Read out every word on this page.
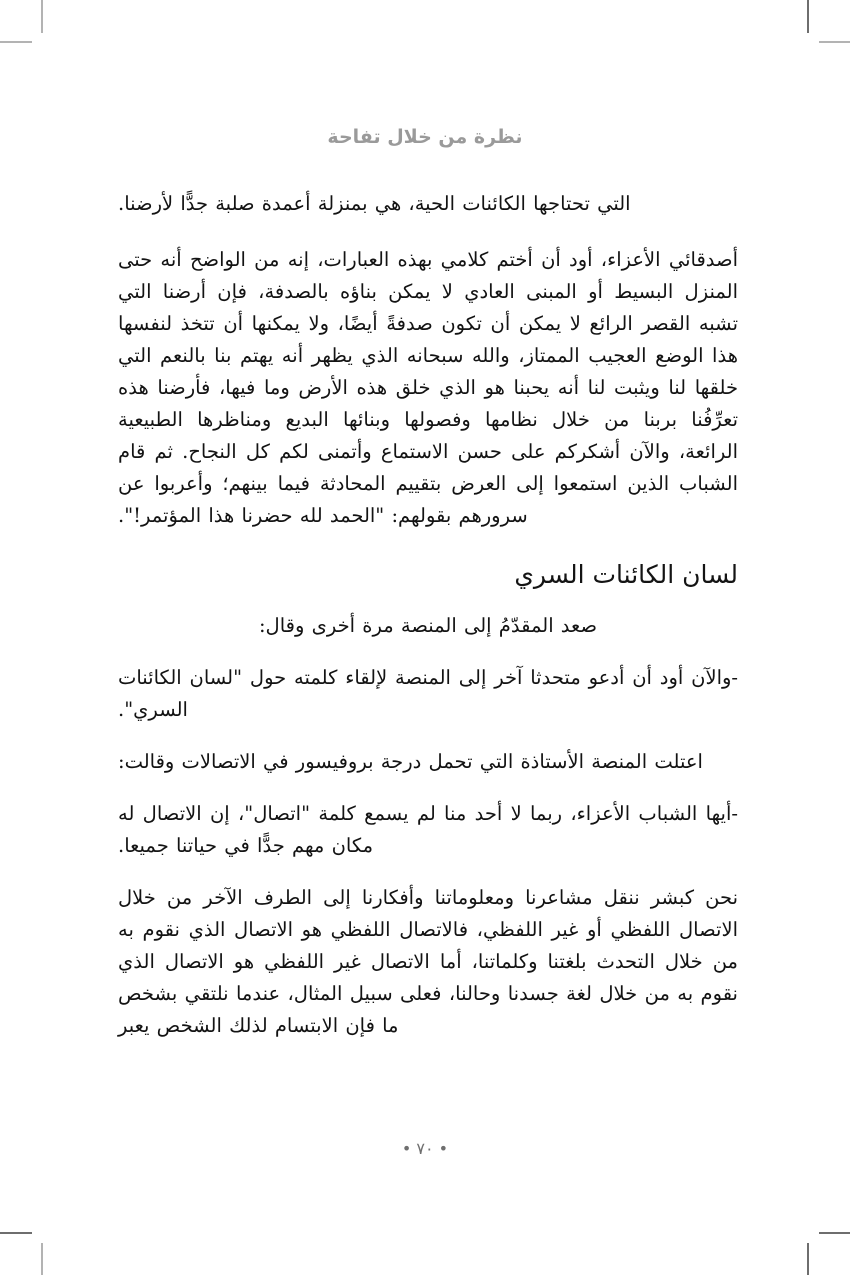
نظرة من خلال تفاحة

التي تحتاجها الكائنات الحية، هي بمنزلة أعمدة صلبة جدًّا لأرضنا.

أصدقائي الأعزاء، أود أن أختم كلامي بهذه العبارات، إنه من الواضح أنه حتى المنزل البسيط أو المبنى العادي لا يمكن بناؤه بالصدفة، فإن أرضنا التي تشبه القصر الرائع لا يمكن أن تكون صدفةً أيضًا، ولا يمكنها أن تتخذ لنفسها هذا الوضع العجيب الممتاز، والله سبحانه الذي يظهر أنه يهتم بنا بالنعم التي خلقها لنا ويثبت لنا أنه يحبنا هو الذي خلق هذه الأرض وما فيها، فأرضنا هذه تعرِّفُنا بربنا من خلال نظامها وفصولها وبنائها البديع ومناظرها الطبيعية الرائعة، والآن أشكركم على حسن الاستماع وأتمنى لكم كل النجاح. ثم قام الشباب الذين استمعوا إلى العرض بتقييم المحادثة فيما بينهم؛ وأعربوا عن سرورهم بقولهم: "الحمد لله حضرنا هذا المؤتمر!".

لسان الكائنات السري

صعد المقدّمُ إلى المنصة مرة أخرى وقال:

-والآن أود أن أدعو متحدثا آخر إلى المنصة لإلقاء كلمته حول "لسان الكائنات السري".

اعتلت المنصة الأستاذة التي تحمل درجة بروفيسور في الاتصالات وقالت:

-أيها الشباب الأعزاء، ربما لا أحد منا لم يسمع كلمة "اتصال"، إن الاتصال له مكان مهم جدًّا في حياتنا جميعا.

نحن كبشر ننقل مشاعرنا ومعلوماتنا وأفكارنا إلى الطرف الآخر من خلال الاتصال اللفظي أو غير اللفظي، فالاتصال اللفظي هو الاتصال الذي نقوم به من خلال التحدث بلغتنا وكلماتنا، أما الاتصال غير اللفظي هو الاتصال الذي نقوم به من خلال لغة جسدنا وحالنا، فعلى سبيل المثال، عندما نلتقي بشخص ما فإن الابتسام لذلك الشخص يعبر

• ٧٠ •
